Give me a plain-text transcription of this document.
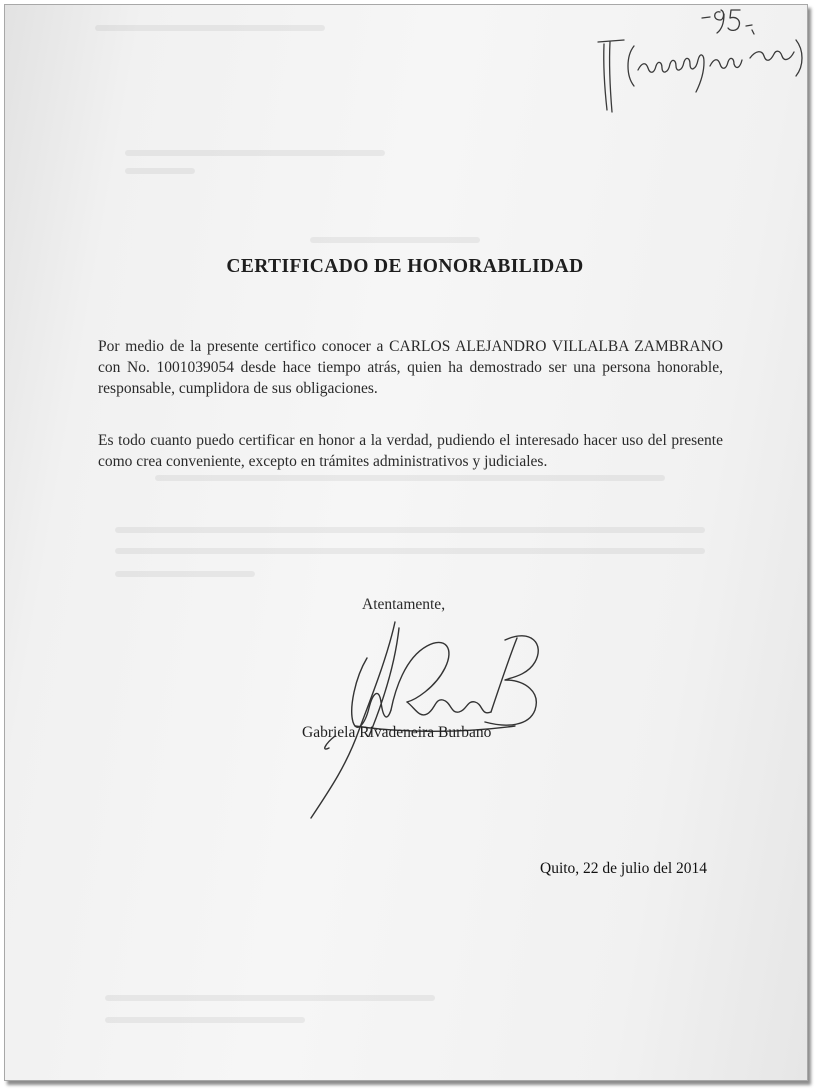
CERTIFICADO DE HONORABILIDAD

Por medio de la presente certifico conocer a CARLOS ALEJANDRO VILLALBA ZAMBRANO con No. 1001039054 desde hace tiempo atrás, quien ha demostrado ser una persona honorable, responsable, cumplidora de sus obligaciones.

Es todo cuanto puedo certificar en honor a la verdad, pudiendo el interesado hacer uso del presente como crea conveniente, excepto en trámites administrativos y judiciales.

Atentamente,
Gabriela Rivadeneira Burbano
Quito, 22 de julio del 2014
